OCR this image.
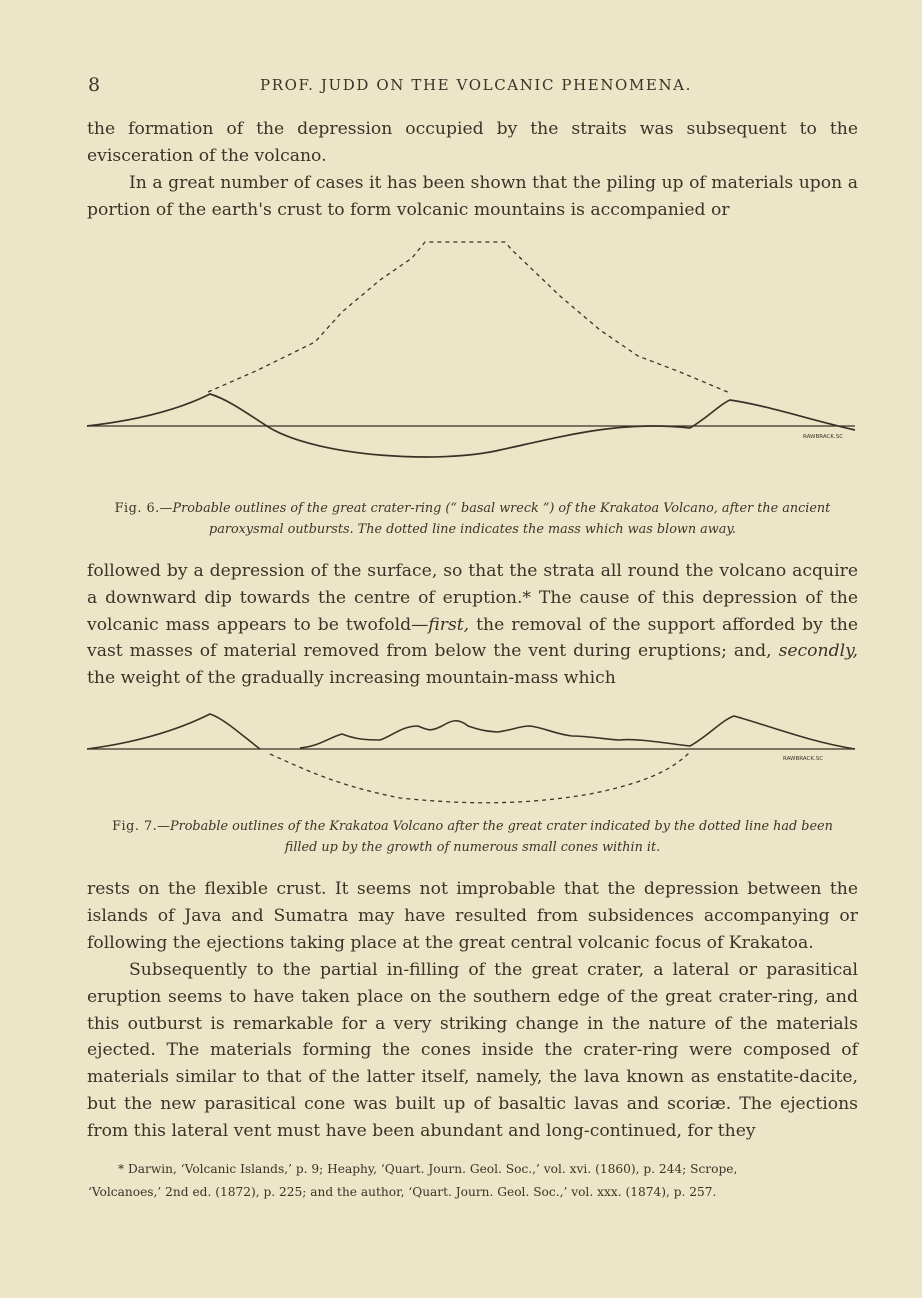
8	PROF. JUDD ON THE VOLCANIC PHENOMENA.

the formation of the depression occupied by the straits was subsequent to the evisceration of the volcano.

In a great number of cases it has been shown that the piling up of materials upon a portion of the earth's crust to form volcanic mountains is accompanied or

RAWBRACK.SC

Fig. 6.—Probable outlines of the great crater-ring (“ basal wreck ”) of the Krakatoa Volcano, after the ancient paroxysmal outbursts. The dotted line indicates the mass which was blown away.

followed by a depression of the surface, so that the strata all round the volcano acquire a downward dip towards the centre of eruption.* The cause of this depression of the volcanic mass appears to be twofold—first, the removal of the support afforded by the vast masses of material removed from below the vent during eruptions; and, secondly, the weight of the gradually increasing mountain-mass which

RAWBRACK.SC

Fig. 7.—Probable outlines of the Krakatoa Volcano after the great crater indicated by the dotted line had been filled up by the growth of numerous small cones within it.

rests on the flexible crust. It seems not improbable that the depression between the islands of Java and Sumatra may have resulted from subsidences accompanying or following the ejections taking place at the great central volcanic focus of Krakatoa.

Subsequently to the partial in-filling of the great crater, a lateral or parasitical eruption seems to have taken place on the southern edge of the great crater-ring, and this outburst is remarkable for a very striking change in the nature of the materials ejected. The materials forming the cones inside the crater-ring were composed of materials similar to that of the latter itself, namely, the lava known as enstatite-dacite, but the new parasitical cone was built up of basaltic lavas and scoriæ. The ejections from this lateral vent must have been abundant and long-continued, for they

* Darwin, ‘Volcanic Islands,’ p. 9; Heaphy, ‘Quart. Journ. Geol. Soc.,’ vol. xvi. (1860), p. 244; Scrope,

‘Volcanoes,’ 2nd ed. (1872), p. 225; and the author, ‘Quart. Journ. Geol. Soc.,’ vol. xxx. (1874), p. 257.
